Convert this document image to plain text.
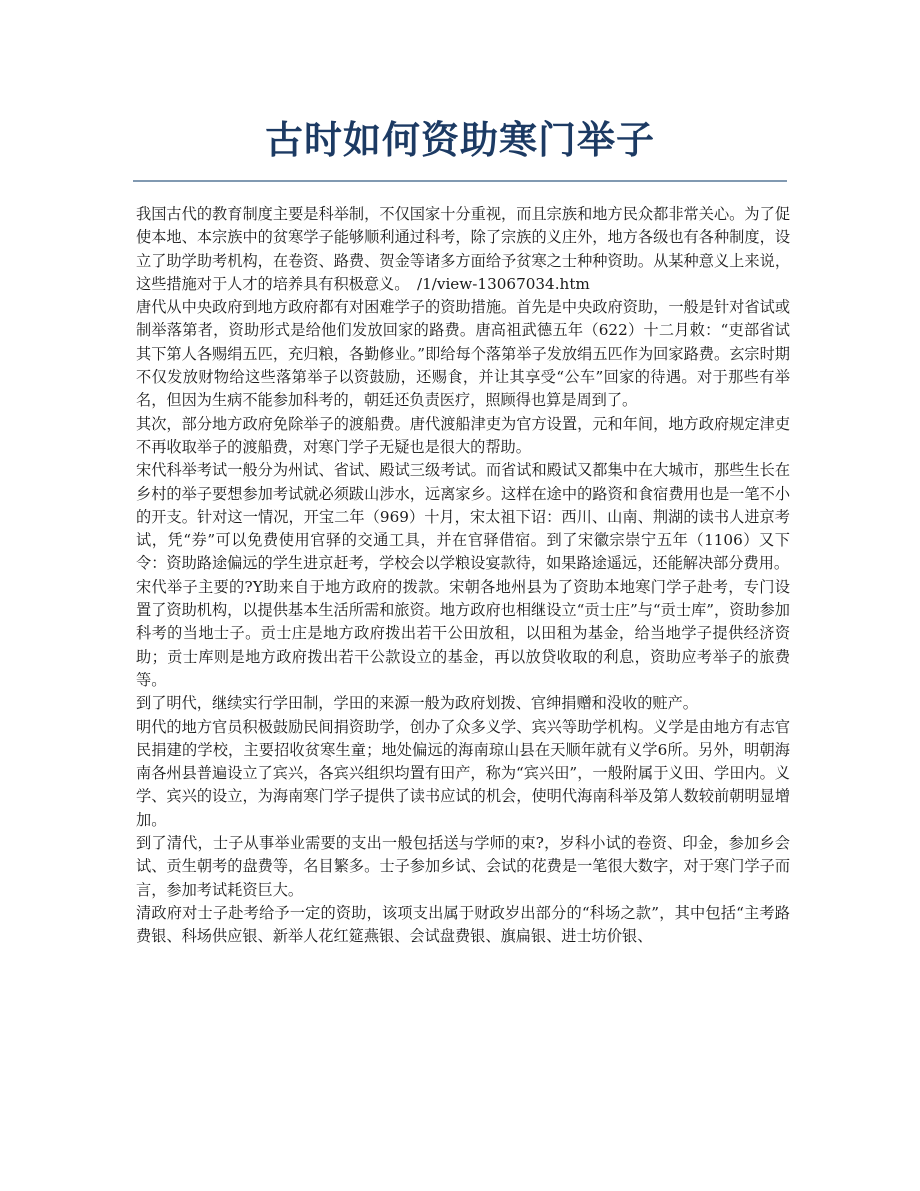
古时如何资助寒门举子

我国古代的教育制度主要是科举制，不仅国家十分重视，而且宗族和地方民众都非常关心。为了促使本地、本宗族中的贫寒学子能够顺利通过科考，除了宗族的义庄外，地方各级也有各种制度，设立了助学助考机构，在卷资、路费、贺金等诸多方面给予贫寒之士种种资助。从某种意义上来说，这些措施对于人才的培养具有积极意义。　/1/view-13067034.htm

唐代从中央政府到地方政府都有对困难学子的资助措施。首先是中央政府资助，一般是针对省试或制举落第者，资助形式是给他们发放回家的路费。唐高祖武德五年（622）十二月敕：“吏部省试其下第人各赐绢五匹，充归粮，各勤修业。”即给每个落第举子发放绢五匹作为回家路费。玄宗时期不仅发放财物给这些落第举子以资鼓励，还赐食，并让其享受“公车”回家的待遇。对于那些有举名，但因为生病不能参加科考的，朝廷还负责医疗，照顾得也算是周到了。

其次，部分地方政府免除举子的渡船费。唐代渡船津吏为官方设置，元和年间，地方政府规定津吏不再收取举子的渡船费，对寒门学子无疑也是很大的帮助。

宋代科举考试一般分为州试、省试、殿试三级考试。而省试和殿试又都集中在大城市，那些生长在乡村的举子要想参加考试就必须跋山涉水，远离家乡。这样在途中的路资和食宿费用也是一笔不小的开支。针对这一情况，开宝二年（969）十月，宋太祖下诏：西川、山南、荆湖的读书人进京考试，凭“券”可以免费使用官驿的交通工具，并在官驿借宿。到了宋徽宗崇宁五年（1106）又下令：资助路途偏远的学生进京赶考，学校会以学粮设宴款待，如果路途遥远，还能解决部分费用。

宋代举子主要的?Y助来自于地方政府的拨款。宋朝各地州县为了资助本地寒门学子赴考，专门设置了资助机构，以提供基本生活所需和旅资。地方政府也相继设立“贡士庄”与“贡士库”，资助参加科考的当地士子。贡士庄是地方政府拨出若干公田放租，以田租为基金，给当地学子提供经济资助；贡士库则是地方政府拨出若干公款设立的基金，再以放贷收取的利息，资助应考举子的旅费等。

到了明代，继续实行学田制，学田的来源一般为政府划拨、官绅捐赠和没收的赃产。

明代的地方官员积极鼓励民间捐资助学，创办了众多义学、宾兴等助学机构。义学是由地方有志官民捐建的学校，主要招收贫寒生童；地处偏远的海南琼山县在天顺年就有义学6所。另外，明朝海南各州县普遍设立了宾兴，各宾兴组织均置有田产，称为“宾兴田”，一般附属于义田、学田内。义学、宾兴的设立，为海南寒门学子提供了读书应试的机会，使明代海南科举及第人数较前朝明显增加。

到了清代，士子从事举业需要的支出一般包括送与学师的束?，岁科小试的卷资、印金，参加乡会试、贡生朝考的盘费等，名目繁多。士子参加乡试、会试的花费是一笔很大数字，对于寒门学子而言，参加考试耗资巨大。

清政府对士子赴考给予一定的资助，该项支出属于财政岁出部分的“科场之款”，其中包括“主考路费银、科场供应银、新举人花红筵燕银、会试盘费银、旗扁银、进士坊价银、
